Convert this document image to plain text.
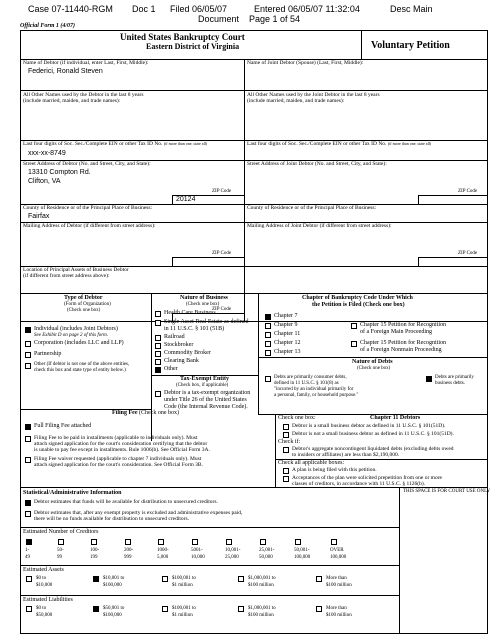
Case 07-11440-RGM Doc 1 Filed 06/05/07	Entered 06/05/07 11:32:04	Desc Main
Document Page 1 of 54
Official Form 1 (4/07)
United States Bankruptcy Court
Eastern District of Virginia	Voluntary Petition
Name of Debtor (if individual, enter Last, First, Middle):
Federici, Ronald Steven
Name of Joint Debtor (Spouse) (Last, First, Middle):
All Other Names used by the Debtor in the last 8 years
(include married, maiden, and trade names):
All Other Names used by the Joint Debtor in the last 8 years
(include married, maiden, and trade names):
Last four digits of Soc. Sec./Complete EIN or other Tax ID No. (if more than one, state all)
xxx-xx-8749
Last four digits of Soc. Sec./Complete EIN or other Tax ID No. (if more than one, state all)
Street Address of Debtor (No. and Street, City, and State):
13310 Compton Rd.
Clifton, VA
Street Address of Joint Debtor (No. and Street, City, and State):
ZIP Code
20124
ZIP Code
County of Residence or of the Principal Place of Business:
Fairfax
County of Residence or of the Principal Place of Business:
Mailing Address of Debtor (if different from street address):	Mailing Address of Joint Debtor (if different from street address):
ZIP Code	ZIP Code
Location of Principal Assets of Business Debtor
(if different from street address above):
ZIP Code
Type of Debtor
(Form of Organization)
(Check one box)
Individual (includes Joint Debtors)
See Exhibit D on page 2 of this form.
Corporation (includes LLC and LLP)
Partnership
Other (If debtor is not one of the above entities,
check this box and state type of entity below.)
Nature of Business
(Check one box)
Health Care Business
Single Asset Real Estate as defined
in 11 U.S.C. § 101 (51B)
Railroad
Stockbroker
Commodity Broker
Clearing Bank
Other
Tax-Exempt Entity
(Check box, if applicable)
Debtor is a tax-exempt organization
under Title 26 of the United States
Code (the Internal Revenue Code).
Chapter of Bankruptcy Code Under Which
the Petition is Filed (Check one box)
Chapter 7
Chapter 9
Chapter 11
Chapter 12
Chapter 13
Chapter 15 Petition for Recognition
of a Foreign Main Proceeding
Chapter 15 Petition for Recognition
of a Foreign Nonmain Proceeding
Nature of Debts
(Check one box)
Debts are primarily consumer debts,
defined in 11 U.S.C. § 101(8) as
"incurred by an individual primarily for
a personal, family, or household purpose."
Debts are primarily
business debts.
Filing Fee (Check one box)
Full Filing Fee attached
Filing Fee to be paid in installments (applicable to individuals only). Must
attach signed application for the court's consideration certifying that the debtor
is unable to pay fee except in installments. Rule 1006(b). See Official Form 3A.
Filing Fee waiver requested (applicable to chapter 7 individuals only). Must
attach signed application for the court's consideration. See Official Form 3B.
Check one box:	Chapter 11 Debtors
Debtor is a small business debtor as defined in 11 U.S.C. § 101(51D).
Debtor is not a small business debtor as defined in 11 U.S.C. § 101(51D).
Check if:
Debtor's aggregate noncontingent liquidated debts (excluding debts owed
to insiders or affiliates) are less than $2,190,000.
Check all applicable boxes:
A plan is being filed with this petition.
Acceptances of the plan were solicited prepetition from one or more
classes of creditors, in accordance with 11 U.S.C. § 1126(b).
Statistical/Administrative Information	THIS SPACE IS FOR COURT USE ONLY
Debtor estimates that funds will be available for distribution to unsecured creditors.
Debtor estimates that, after any exempt property is excluded and administrative expenses paid,
there will be no funds available for distribution to unsecured creditors.
Estimated Number of Creditors
1-
49
50-
99
100-
199
200-
999
1000-
5,000
5001-
10,000
10,001-
25,000
25,001-
50,000
50,001-
100,000
OVER
100,000
Estimated Assets
$0 to
$10,000
$10,001 to
$100,000
$100,001 to
$1 million
$1,000,001 to
$100 million
More than
$100 million
Estimated Liabilities
$0 to
$50,000
$50,001 to
$100,000
$100,001 to
$1 million
$1,000,001 to
$100 million
More than
$100 million
